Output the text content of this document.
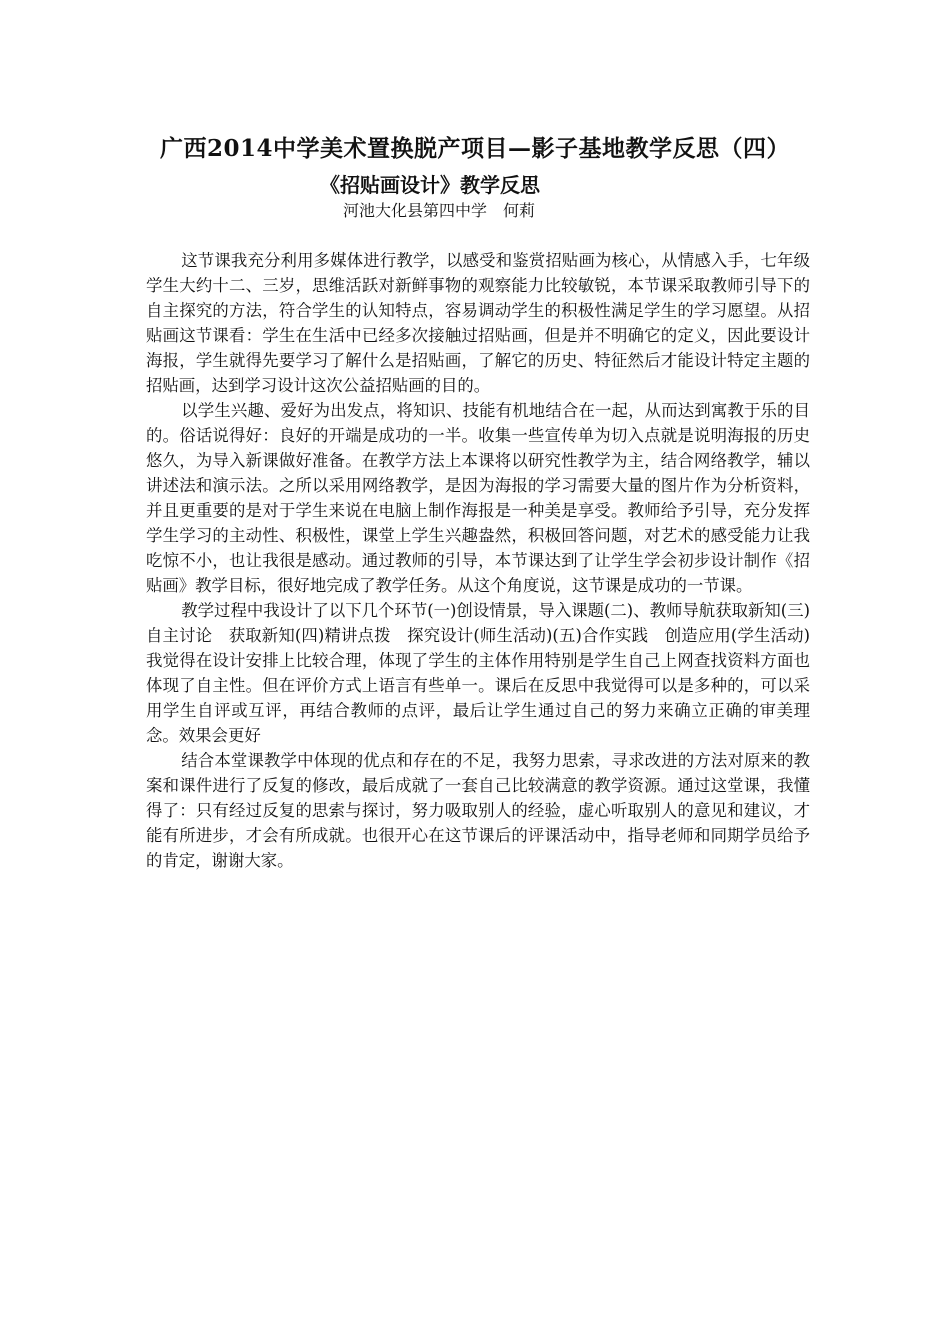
广西2014中学美术置换脱产项目—影子基地教学反思（四）
《招贴画设计》教学反思
河池大化县第四中学　何莉

这节课我充分利用多媒体进行教学，以感受和鉴赏招贴画为核心，从情感入手，七年级学生大约十二、三岁，思维活跃对新鲜事物的观察能力比较敏锐，本节课采取教师引导下的自主探究的方法，符合学生的认知特点，容易调动学生的积极性满足学生的学习愿望。从招贴画这节课看：学生在生活中已经多次接触过招贴画，但是并不明确它的定义，因此要设计海报，学生就得先要学习了解什么是招贴画，了解它的历史、特征然后才能设计特定主题的招贴画，达到学习设计这次公益招贴画的目的。

以学生兴趣、爱好为出发点，将知识、技能有机地结合在一起，从而达到寓教于乐的目的。俗话说得好：良好的开端是成功的一半。收集一些宣传单为切入点就是说明海报的历史悠久，为导入新课做好准备。在教学方法上本课将以研究性教学为主，结合网络教学，辅以讲述法和演示法。之所以采用网络教学，是因为海报的学习需要大量的图片作为分析资料，并且更重要的是对于学生来说在电脑上制作海报是一种美是享受。教师给予引导，充分发挥学生学习的主动性、积极性，课堂上学生兴趣盎然，积极回答问题，对艺术的感受能力让我吃惊不小，也让我很是感动。通过教师的引导，本节课达到了让学生学会初步设计制作《招贴画》教学目标，很好地完成了教学任务。从这个角度说，这节课是成功的一节课。

教学过程中我设计了以下几个环节(一)创设情景，导入课题(二)、教师导航获取新知(三)自主讨论　获取新知(四)精讲点拨　探究设计(师生活动)(五)合作实践　创造应用(学生活动)我觉得在设计安排上比较合理，体现了学生的主体作用特别是学生自己上网查找资料方面也体现了自主性。但在评价方式上语言有些单一。课后在反思中我觉得可以是多种的，可以采用学生自评或互评，再结合教师的点评，最后让学生通过自己的努力来确立正确的审美理念。效果会更好

结合本堂课教学中体现的优点和存在的不足，我努力思索，寻求改进的方法对原来的教案和课件进行了反复的修改，最后成就了一套自己比较满意的教学资源。通过这堂课，我懂得了：只有经过反复的思索与探讨，努力吸取别人的经验，虚心听取别人的意见和建议，才能有所进步，才会有所成就。也很开心在这节课后的评课活动中，指导老师和同期学员给予的肯定，谢谢大家。
